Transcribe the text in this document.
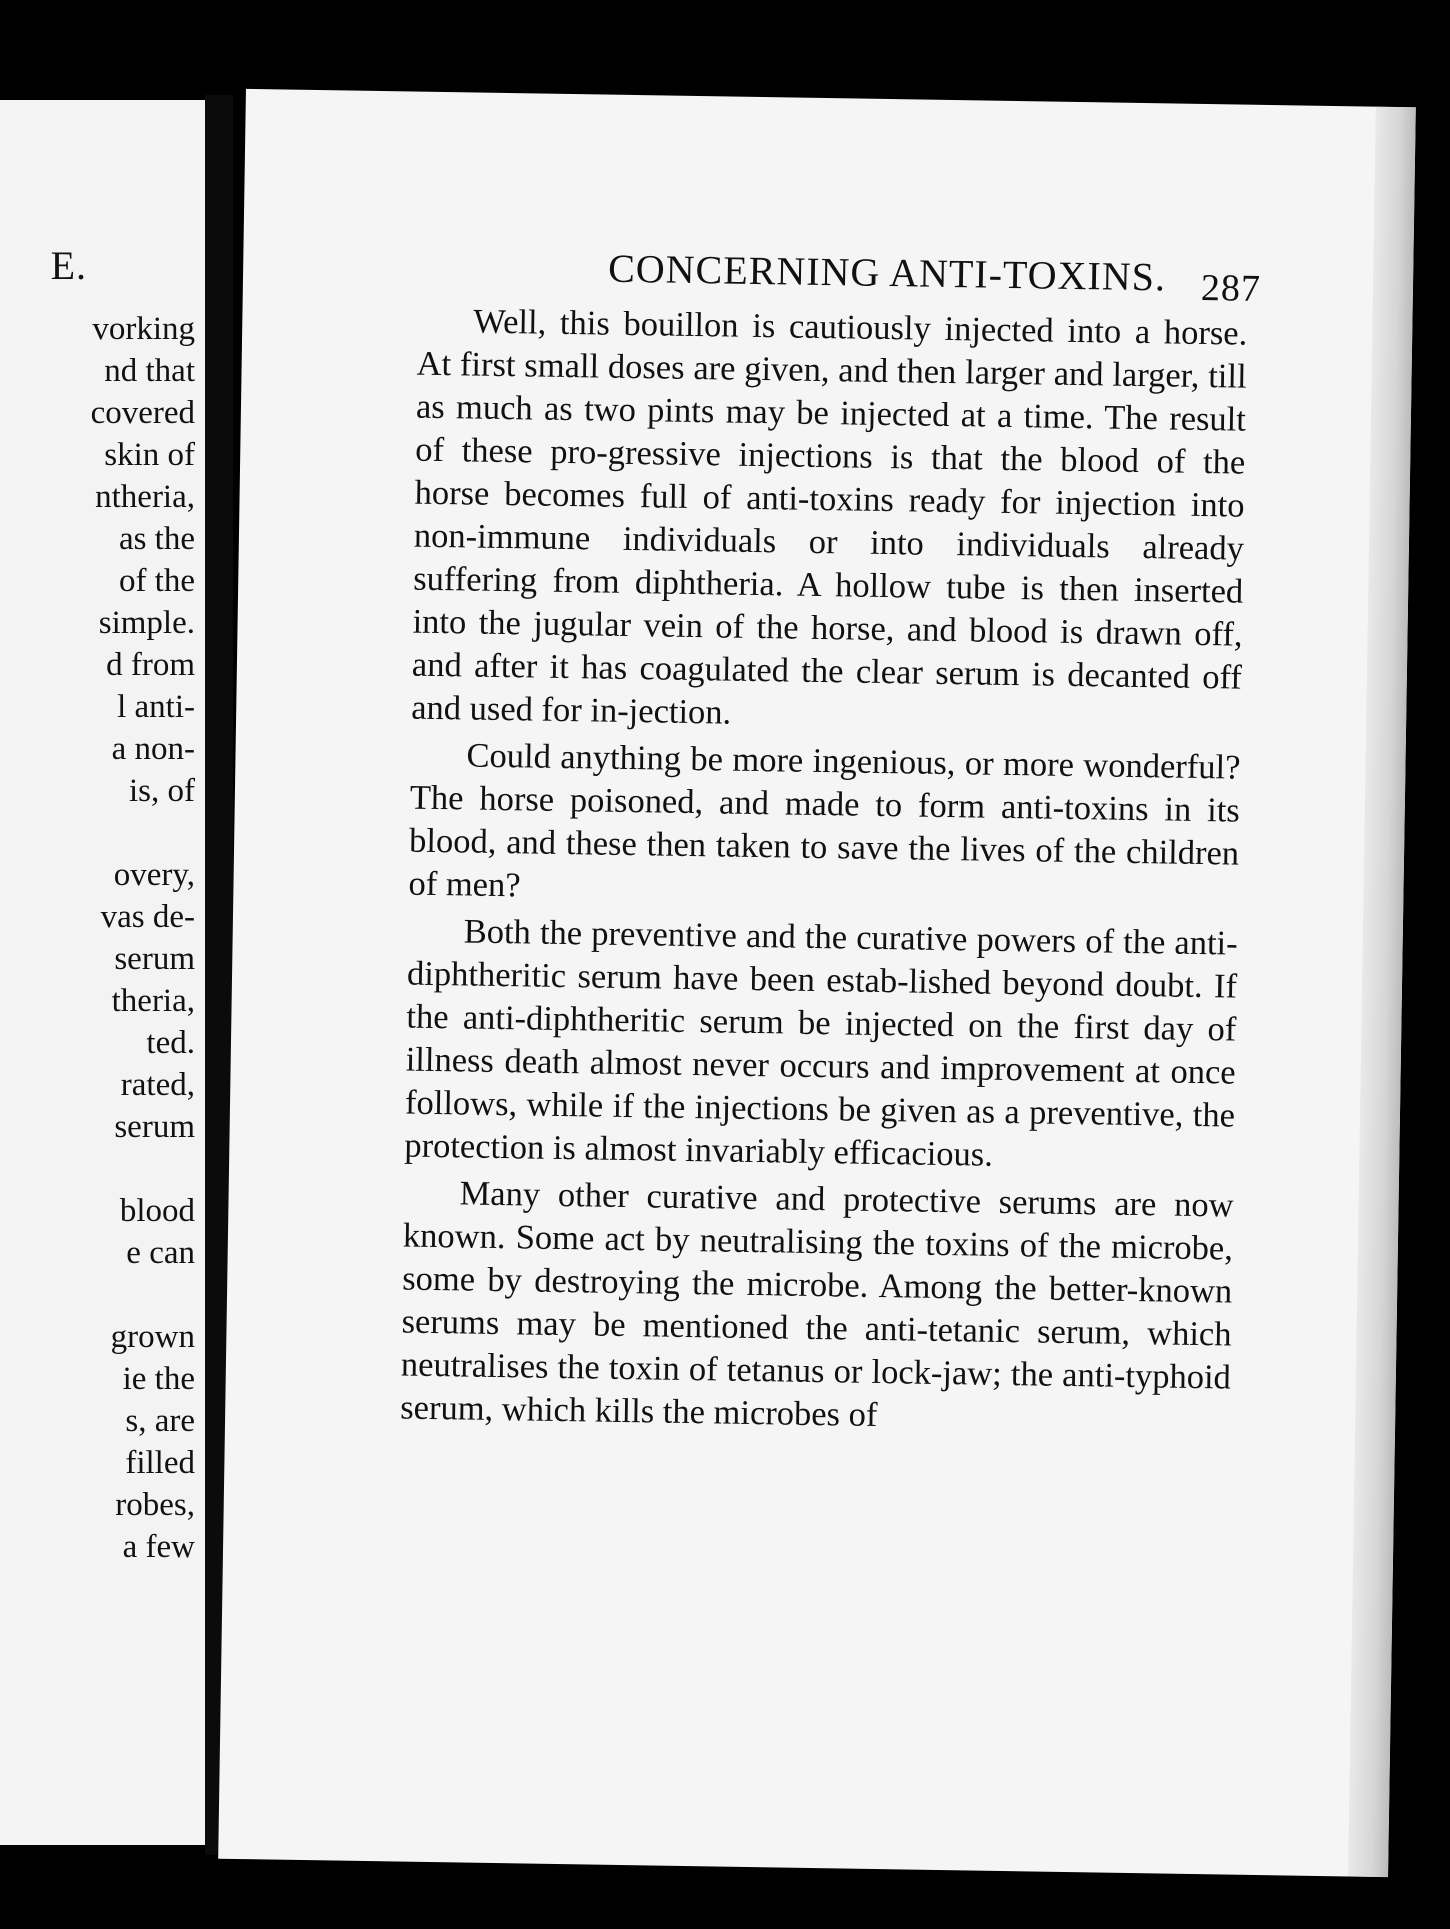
E.
vorking
nd that
covered
skin of
ntheria,
as the
of the
simple.
d from
l anti-
a non-
is, of
overy,
vas de-
serum
theria,
ted.
rated,
serum
blood
e can
grown
ie the
s, are
filled
robes,
a few
CONCERNING ANTI-TOXINS. 287

Well, this bouillon is cautiously injected into a horse. At first small doses are given, and then larger and larger, till as much as two pints may be injected at a time. The result of these pro-gressive injections is that the blood of the horse becomes full of anti-toxins ready for injection into non-immune individuals or into individuals already suffering from diphtheria. A hollow tube is then inserted into the jugular vein of the horse, and blood is drawn off, and after it has coagulated the clear serum is decanted off and used for in-jection.

Could anything be more ingenious, or more wonderful? The horse poisoned, and made to form anti-toxins in its blood, and these then taken to save the lives of the children of men?

Both the preventive and the curative powers of the anti-diphtheritic serum have been estab-lished beyond doubt. If the anti-diphtheritic serum be injected on the first day of illness death almost never occurs and improvement at once follows, while if the injections be given as a preventive, the protection is almost invariably efficacious.

Many other curative and protective serums are now known. Some act by neutralising the toxins of the microbe, some by destroying the microbe. Among the better-known serums may be mentioned the anti-tetanic serum, which neutralises the toxin of tetanus or lock-jaw; the anti-typhoid serum, which kills the microbes of
